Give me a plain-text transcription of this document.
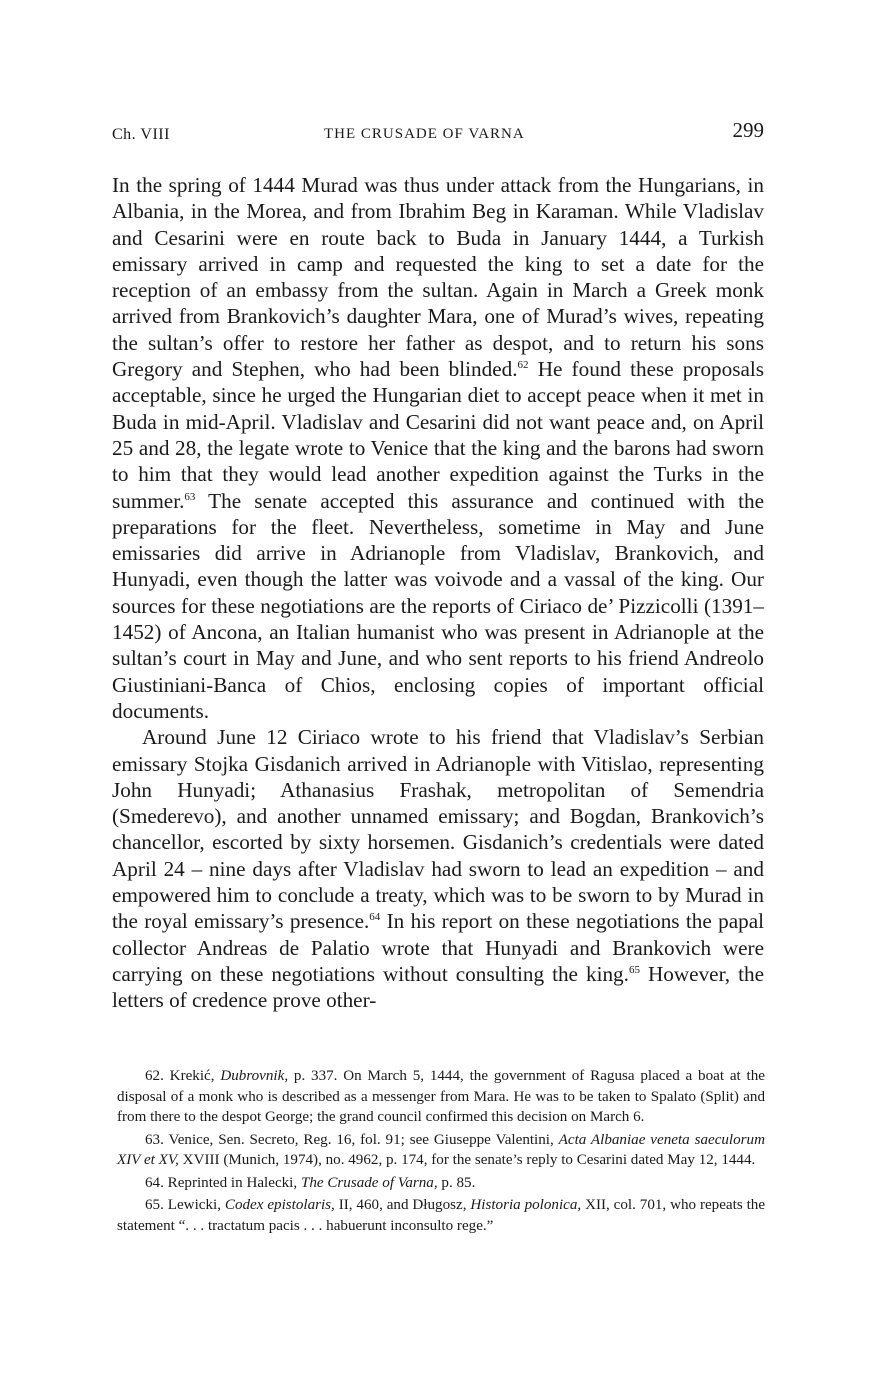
Ch. VIII	THE CRUSADE OF VARNA	299

In the spring of 1444 Murad was thus under attack from the Hungarians, in Albania, in the Morea, and from Ibrahim Beg in Karaman. While Vladislav and Cesarini were en route back to Buda in January 1444, a Turkish emissary arrived in camp and requested the king to set a date for the reception of an embassy from the sultan. Again in March a Greek monk arrived from Brankovich’s daughter Mara, one of Murad’s wives, repeating the sultan’s offer to restore her father as despot, and to return his sons Gregory and Stephen, who had been blinded.$^{62}$ He found these proposals acceptable, since he urged the Hungarian diet to accept peace when it met in Buda in mid-April. Vladislav and Cesarini did not want peace and, on April 25 and 28, the legate wrote to Venice that the king and the barons had sworn to him that they would lead another expedition against the Turks in the summer.$^{63}$ The senate accepted this assurance and continued with the preparations for the fleet. Nevertheless, sometime in May and June emissaries did arrive in Adrianople from Vladislav, Brankovich, and Hunyadi, even though the latter was voivode and a vassal of the king. Our sources for these negotiations are the reports of Ciriaco de’ Pizzicolli (1391–1452) of Ancona, an Italian humanist who was present in Adrianople at the sultan’s court in May and June, and who sent reports to his friend Andreolo Giustiniani-Banca of Chios, enclosing copies of important official documents.

Around June 12 Ciriaco wrote to his friend that Vladislav’s Serbian emissary Stojka Gisdanich arrived in Adrianople with Vitislao, representing John Hunyadi; Athanasius Frashak, metropolitan of Semendria (Smederevo), and another unnamed emissary; and Bogdan, Brankovich’s chancellor, escorted by sixty horsemen. Gisdanich’s credentials were dated April 24 – nine days after Vladislav had sworn to lead an expedition – and empowered him to conclude a treaty, which was to be sworn to by Murad in the royal emissary’s presence.$^{64}$ In his report on these negotiations the papal collector Andreas de Palatio wrote that Hunyadi and Brankovich were carrying on these negotiations without consulting the king.$^{65}$ However, the letters of credence prove other-

62. Krekić, Dubrovnik, p. 337. On March 5, 1444, the government of Ragusa placed a boat at the disposal of a monk who is described as a messenger from Mara. He was to be taken to Spalato (Split) and from there to the despot George; the grand council confirmed this decision on March 6.

63. Venice, Sen. Secreto, Reg. 16, fol. 91; see Giuseppe Valentini, Acta Albaniae veneta saeculorum XIV et XV, XVIII (Munich, 1974), no. 4962, p. 174, for the senate’s reply to Cesarini dated May 12, 1444.

64. Reprinted in Halecki, The Crusade of Varna, p. 85.

65. Lewicki, Codex epistolaris, II, 460, and Długosz, Historia polonica, XII, col. 701, who repeats the statement “. . . tractatum pacis . . . habuerunt inconsulto rege.”
